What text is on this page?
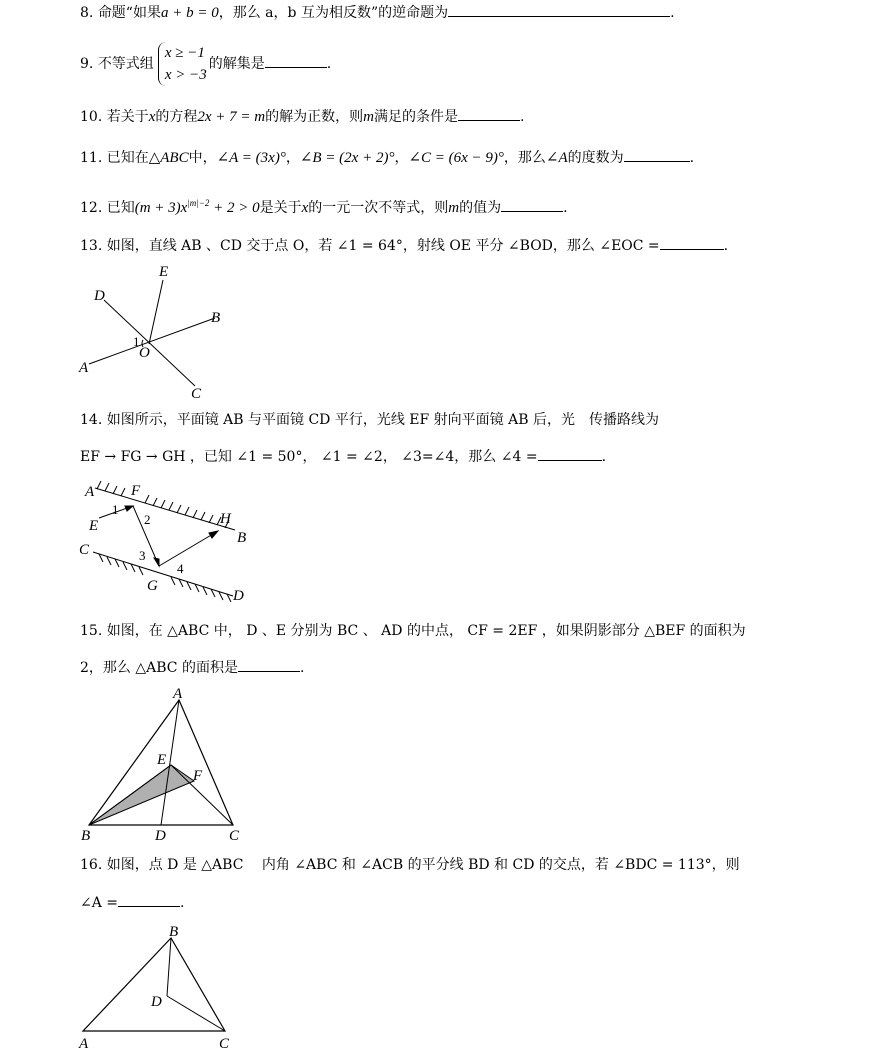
8. 命题“如果a + b = 0，那么 a，b 互为相反数”的逆命题为	.
9. 不等式组x ≥ −1
x > −3的解集是	.
10. 若关于x的方程2x + 7 = m的解为正数，则m满足的条件是	.
11. 已知在△ABC中，∠A = (3x)°，∠B = (2x + 2)°，∠C = (6x − 9)°，那么∠A的度数为	.
12. 已知$(m + 3)x^{|m|-2} + 2 > 0$是关于x的一元一次不等式，则m的值为	.
13. 如图，直线 AB 、CD 交于点 O，若 ∠1 = 64°，射线 OE 平分 ∠BOD，那么 ∠EOC =	.
E
D
B
1
O
A
C
14. 如图所示，平面镜 AB 与平面镜 CD 平行，光线 EF 射向平面镜 AB 后，光　传播路线为
EF → FG → GH ，已知 ∠1 = 50°， ∠1 = ∠2， ∠3=∠4，那么 ∠4 =	.
A F
1
2
E	H
B
C	3
4
G
D
15. 如图，在 △ABC 中， D 、E 分别为 BC 、 AD 的中点， CF = 2EF ，如果阴影部分 △BEF 的面积为
2，那么 △ABC 的面积是	.
A
E
F
B	D	C
16. 如图，点 D 是 △ABC　 内角 ∠ABC 和 ∠ACB 的平分线 BD 和 CD 的交点，若 ∠BDC = 113°，则
∠A =	.
B
D
A	C
